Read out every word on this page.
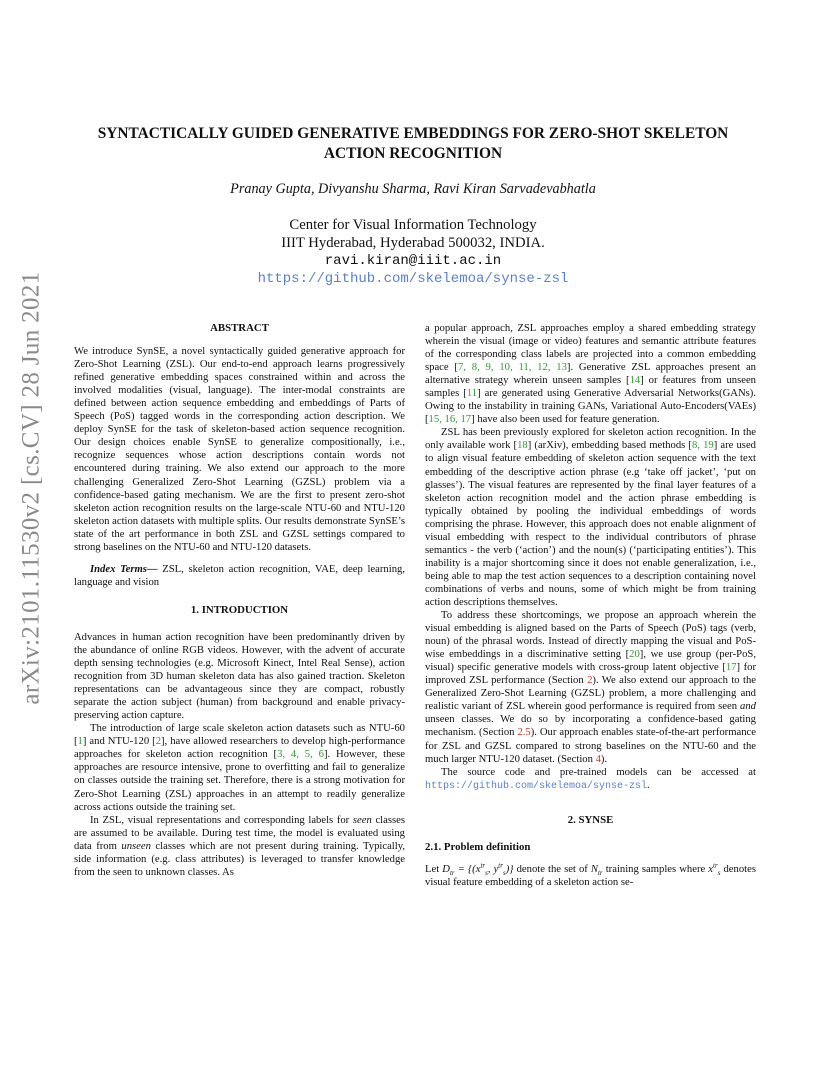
arXiv:2101.11530v2 [cs.CV] 28 Jun 2021
SYNTACTICALLY GUIDED GENERATIVE EMBEDDINGS FOR ZERO-SHOT SKELETON
ACTION RECOGNITION

Pranay Gupta, Divyanshu Sharma, Ravi Kiran Sarvadevabhatla

Center for Visual Information Technology
IIIT Hyderabad, Hyderabad 500032, INDIA.
ravi.kiran@iiit.ac.in
https://github.com/skelemoa/synse-zsl

ABSTRACT

We introduce SynSE, a novel syntactically guided generative approach for Zero-Shot Learning (ZSL). Our end-to-end approach learns progressively refined generative embedding spaces constrained within and across the involved modalities (visual, language). The inter-modal constraints are defined between action sequence embedding and embeddings of Parts of Speech (PoS) tagged words in the corresponding action description. We deploy SynSE for the task of skeleton-based action sequence recognition. Our design choices enable SynSE to generalize compositionally, i.e., recognize sequences whose action descriptions contain words not encountered during training. We also extend our approach to the more challenging Generalized Zero-Shot Learning (GZSL) problem via a confidence-based gating mechanism. We are the first to present zero-shot skeleton action recognition results on the large-scale NTU-60 and NTU-120 skeleton action datasets with multiple splits. Our results demonstrate SynSE’s state of the art performance in both ZSL and GZSL settings compared to strong baselines on the NTU-60 and NTU-120 datasets.

Index Terms— ZSL, skeleton action recognition, VAE, deep learning, language and vision

1. INTRODUCTION

Advances in human action recognition have been predominantly driven by the abundance of online RGB videos. However, with the advent of accurate depth sensing technologies (e.g. Microsoft Kinect, Intel Real Sense), action recognition from 3D human skeleton data has also gained traction. Skeleton representations can be advantageous since they are compact, robustly separate the action subject (human) from background and enable privacy-preserving action capture.

The introduction of large scale skeleton action datasets such as NTU-60 [1] and NTU-120 [2], have allowed researchers to develop high-performance approaches for skeleton action recognition [3, 4, 5, 6]. However, these approaches are resource intensive, prone to overfitting and fail to generalize on classes outside the training set. Therefore, there is a strong motivation for Zero-Shot Learning (ZSL) approaches in an attempt to readily generalize across actions outside the training set.

In ZSL, visual representations and corresponding labels for seen classes are assumed to be available. During test time, the model is evaluated using data from unseen classes which are not present during training. Typically, side information (e.g. class attributes) is leveraged to transfer knowledge from the seen to unknown classes. As

a popular approach, ZSL approaches employ a shared embedding strategy wherein the visual (image or video) features and semantic attribute features of the corresponding class labels are projected into a common embedding space [7, 8, 9, 10, 11, 12, 13]. Generative ZSL approaches present an alternative strategy wherein unseen samples [14] or features from unseen samples [11] are generated using Generative Adversarial Networks(GANs). Owing to the instability in training GANs, Variational Auto-Encoders(VAEs) [15, 16, 17] have also been used for feature generation.

ZSL has been previously explored for skeleton action recognition. In the only available work [18] (arXiv), embedding based methods [8, 19] are used to align visual feature embedding of skeleton action sequence with the text embedding of the descriptive action phrase (e.g ‘take off jacket’, ‘put on glasses’). The visual features are represented by the final layer features of a skeleton action recognition model and the action phrase embedding is typically obtained by pooling the individual embeddings of words comprising the phrase. However, this approach does not enable alignment of visual embedding with respect to the individual contributors of phrase semantics - the verb (‘action’) and the noun(s) (‘participating entities’). This inability is a major shortcoming since it does not enable generalization, i.e., being able to map the test action sequences to a description containing novel combinations of verbs and nouns, some of which might be from training action descriptions themselves.

To address these shortcomings, we propose an approach wherein the visual embedding is aligned based on the Parts of Speech (PoS) tags (verb, noun) of the phrasal words. Instead of directly mapping the visual and PoS-wise embeddings in a discriminative setting [20], we use group (per-PoS, visual) specific generative models with cross-group latent objective [17] for improved ZSL performance (Section 2). We also extend our approach to the Generalized Zero-Shot Learning (GZSL) problem, a more challenging and realistic variant of ZSL wherein good performance is required from seen and unseen classes. We do so by incorporating a confidence-based gating mechanism. (Section 2.5). Our approach enables state-of-the-art performance for ZSL and GZSL compared to strong baselines on the NTU-60 and the much larger NTU-120 dataset. (Section 4).

The source code and pre-trained models can be accessed at https://github.com/skelemoa/synse-zsl.

2. SYNSE

2.1. Problem definition

Let $D_{tr} = \{(x^{tr}_s$, $y^{tr}_s$)} denote the set of $N_{tr}$ training samples where $x^{tr}_s$ denotes visual feature embedding of a skeleton action se-
